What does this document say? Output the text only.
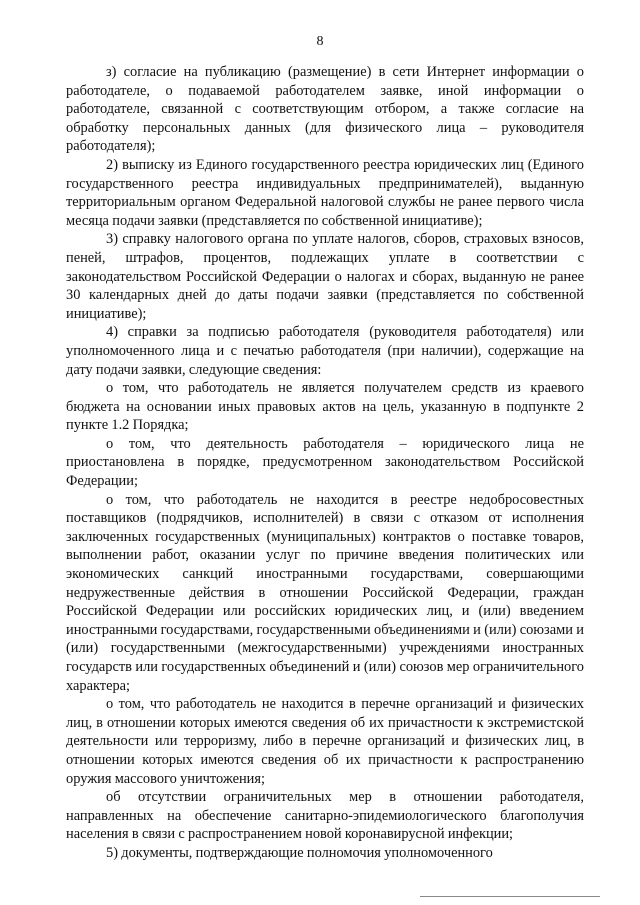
8

з) согласие на публикацию (размещение) в сети Интернет информации о работодателе, о подаваемой работодателем заявке, иной информации о работодателе, связанной с соответствующим отбором, а также согласие на обработку персональных данных (для физического лица – руководителя работодателя);

2) выписку из Единого государственного реестра юридических лиц (Единого государственного реестра индивидуальных предпринимателей), выданную территориальным органом Федеральной налоговой службы не ранее первого числа месяца подачи заявки (представляется по собственной инициативе);

3) справку налогового органа по уплате налогов, сборов, страховых взносов, пеней, штрафов, процентов, подлежащих уплате в соответствии с законодательством Российской Федерации о налогах и сборах, выданную не ранее 30 календарных дней до даты подачи заявки (представляется по собственной инициативе);

4) справки за подписью работодателя (руководителя работодателя) или уполномоченного лица и с печатью работодателя (при наличии), содержащие на дату подачи заявки, следующие сведения:

о том, что работодатель не является получателем средств из краевого бюджета на основании иных правовых актов на цель, указанную в подпункте 2 пункте 1.2 Порядка;

о том, что деятельность работодателя – юридического лица не приостановлена в порядке, предусмотренном законодательством Российской Федерации;

о том, что работодатель не находится в реестре недобросовестных поставщиков (подрядчиков, исполнителей) в связи с отказом от исполнения заключенных государственных (муниципальных) контрактов о поставке товаров, выполнении работ, оказании услуг по причине введения политических или экономических санкций иностранными государствами, совершающими недружественные действия в отношении Российской Федерации, граждан Российской Федерации или российских юридических лиц, и (или) введением иностранными государствами, государственными объединениями и (или) союзами и (или) государственными (межгосударственными) учреждениями иностранных государств или государственных объединений и (или) союзов мер ограничительного характера;

о том, что работодатель не находится в перечне организаций и физических лиц, в отношении которых имеются сведения об их причастности к экстремистской деятельности или терроризму, либо в перечне организаций и физических лиц, в отношении которых имеются сведения об их причастности к распространению оружия массового уничтожения;

об отсутствии ограничительных мер в отношении работодателя, направленных на обеспечение санитарно-эпидемиологического благополучия населения в связи с распространением новой коронавирусной инфекции;

5) документы, подтверждающие полномочия уполномоченного
